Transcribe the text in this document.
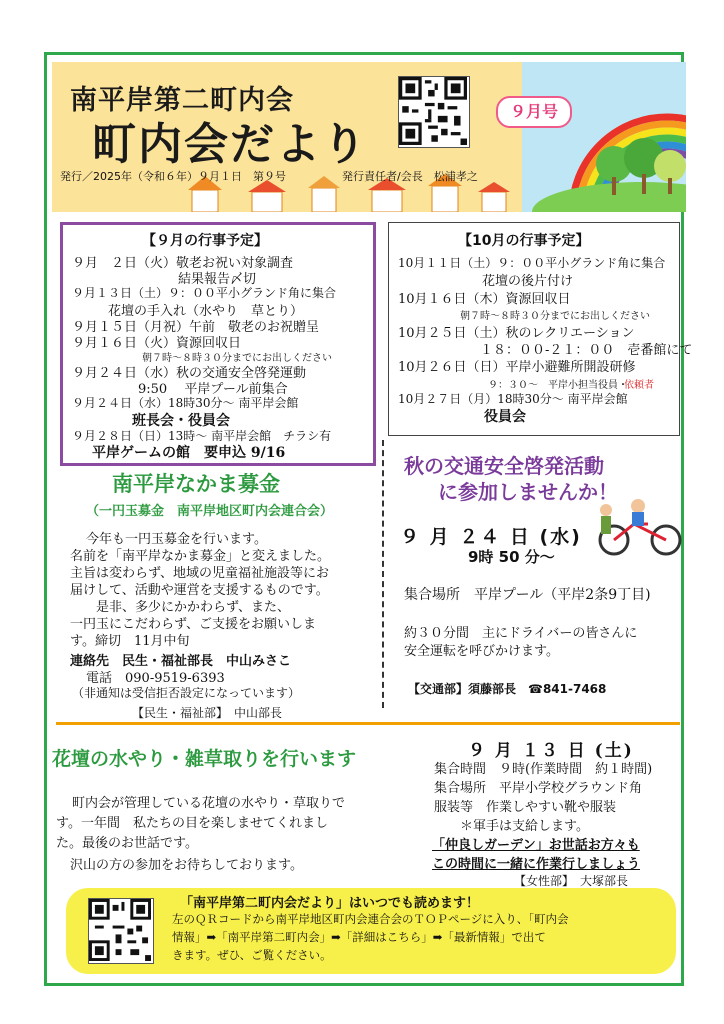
南平岸第二町内会
町内会だより
発行／2025年（令和６年）９月１日　第９号	発行責任者/会長　松浦孝之
９月号
【９月の行事予定】
９月　２日（火）敬老お祝い対象調査
結果報告〆切
９月１３日（土）９：００平小グランド角に集合
花壇の手入れ（水やり　草とり）
９月１５日（月祝）午前　敬老のお祝贈呈
９月１６日（火）資源回収日
朝７時～８時３０分までにお出しください
９月２４日（水）秋の交通安全啓発運動
9:50　 平岸プール前集合
９月２４日（水）18時30分～ 南平岸会館
班長会・役員会
９月２８日（日）13時～ 南平岸会館　チラシ有
平岸ゲームの館　要申込 9/16
【10月の行事予定】
10月１１日（土）９：００平小グランド角に集合
花壇の後片付け
10月１６日（木）資源回収日
朝７時～８時３０分までにお出しください
10月２５日（土）秋のレクリエーション
１８：００-２１：００　壱番館にて
10月２６日（日）平岸小避難所開設研修
９：３０～　平岸小担当役員・
依頼者
10月２７日（月）18時30分～ 南平岸会館
役員会
南平岸なかま募金
（一円玉募金　南平岸地区町内会連合会）
今年も一円玉募金を行います。
名前を「南平岸なかま募金」と変えました。
主旨は変わらず、地域の児童福祉施設等にお
届けして、活動や運営を支援するものです。
是非、多少にかかわらず、また、
一円玉にこだわらず、ご支援をお願いしま
す。締切　11月中旬
連絡先　民生・福祉部長　中山みさこ
電話　090-9519-6393
（非通知は受信拒否設定になっています）
【民生・福祉部】　中山部長
秋の交通安全啓発活動
に参加しませんか！
９ 月 ２４ 日 (水)
9時 50 分～
集合場所　平岸プール（平岸2条9丁目)
約３０分間　主にドライバーの皆さんに
安全運転を呼びかけます。
【交通部】須藤部長　☎841-7468
花壇の水やり・雑草取りを行います
町内会が管理している花壇の水やり・草取りで
す。一年間　私たちの目を楽しませてくれまし
た。最後のお世話です。
沢山の方の参加をお待ちしております。
９ 月 １３ 日 (土)
集合時間　９時(作業時間　約１時間)
集合場所　平岸小学校グラウンド角
服装等　作業しやすい靴や服装
＊軍手は支給します。
「仲良しガーデン」お世話お方々も
この時間に一緒に作業行しましょう
【女性部】　大塚部長
「南平岸第二町内会だより」はいつでも読めます！
左のＱＲコードから南平岸地区町内会連合会のＴＯＰページに入り、「町内会
情報」➡「南平岸第二町内会」➡「詳細はこちら」➡「最新情報」で出て
きます。ぜひ、ご覧ください。
